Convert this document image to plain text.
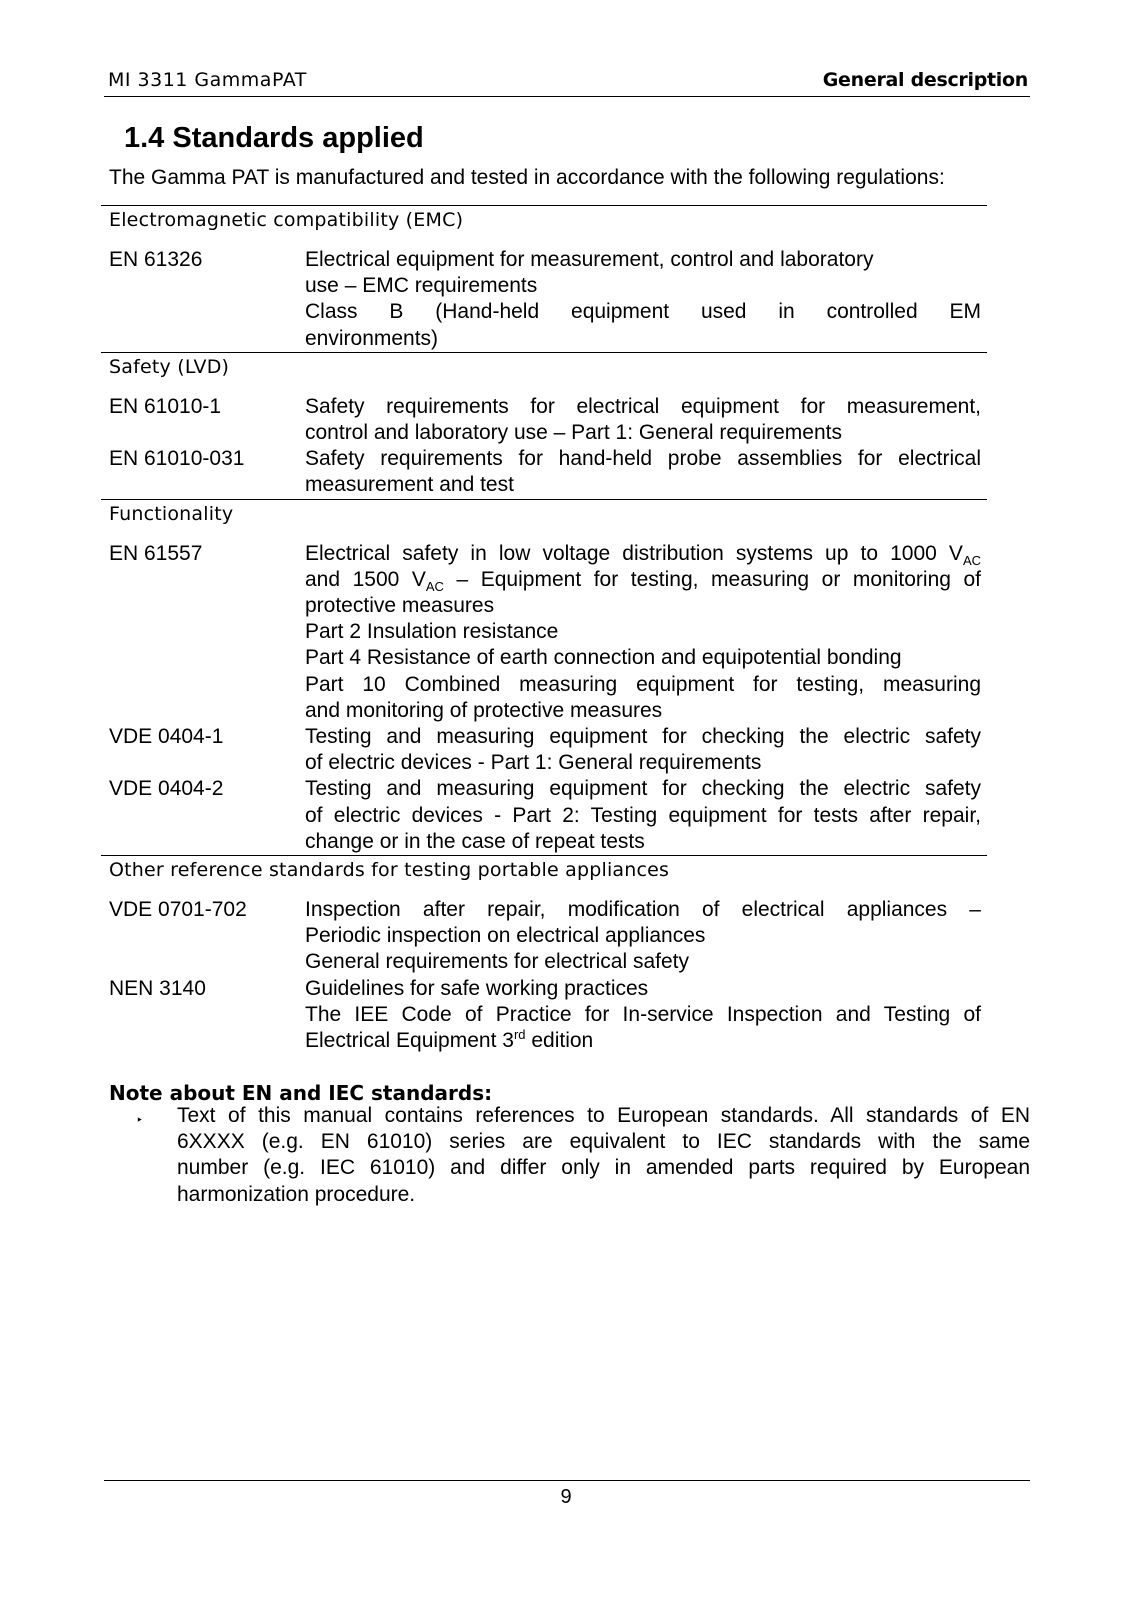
MI 3311 GammaPAT	General description
1.4 Standards applied
The Gamma PAT is manufactured and tested in accordance with the following regulations:
Electromagnetic compatibility (EMC)
EN 61326	Electrical equipment for measurement, control and laboratory
use – EMC requirements
Class B (Hand-held equipment used in controlled EM
environments)
Safety (LVD)
EN 61010-1	Safety requirements for electrical equipment for measurement,
control and laboratory use – Part 1: General requirements
EN 61010-031	Safety requirements for hand-held probe assemblies for electrical
measurement and test
Functionality
EN 61557	Electrical safety in low voltage distribution systems up to 1000 $V_{AC}$
and 1500 $V_{AC}$ – Equipment for testing, measuring or monitoring of
protective measures
Part 2 Insulation resistance
Part 4 Resistance of earth connection and equipotential bonding
Part 10 Combined measuring equipment for testing, measuring
and monitoring of protective measures
VDE 0404-1	Testing and measuring equipment for checking the electric safety
of electric devices - Part 1: General requirements
VDE 0404-2	Testing and measuring equipment for checking the electric safety
of electric devices - Part 2: Testing equipment for tests after repair,
change or in the case of repeat tests
Other reference standards for testing portable appliances
VDE 0701-702	Inspection after repair, modification of electrical appliances –
Periodic inspection on electrical appliances
General requirements for electrical safety
NEN 3140	Guidelines for safe working practices
The IEE Code of Practice for In-service Inspection and Testing of
Electrical Equipment 3rd edition
Note about EN and IEC standards:
‣ Text of this manual contains references to European standards. All standards of EN
6XXXX (e.g. EN 61010) series are equivalent to IEC standards with the same
number (e.g. IEC 61010) and differ only in amended parts required by European
harmonization procedure.
9
